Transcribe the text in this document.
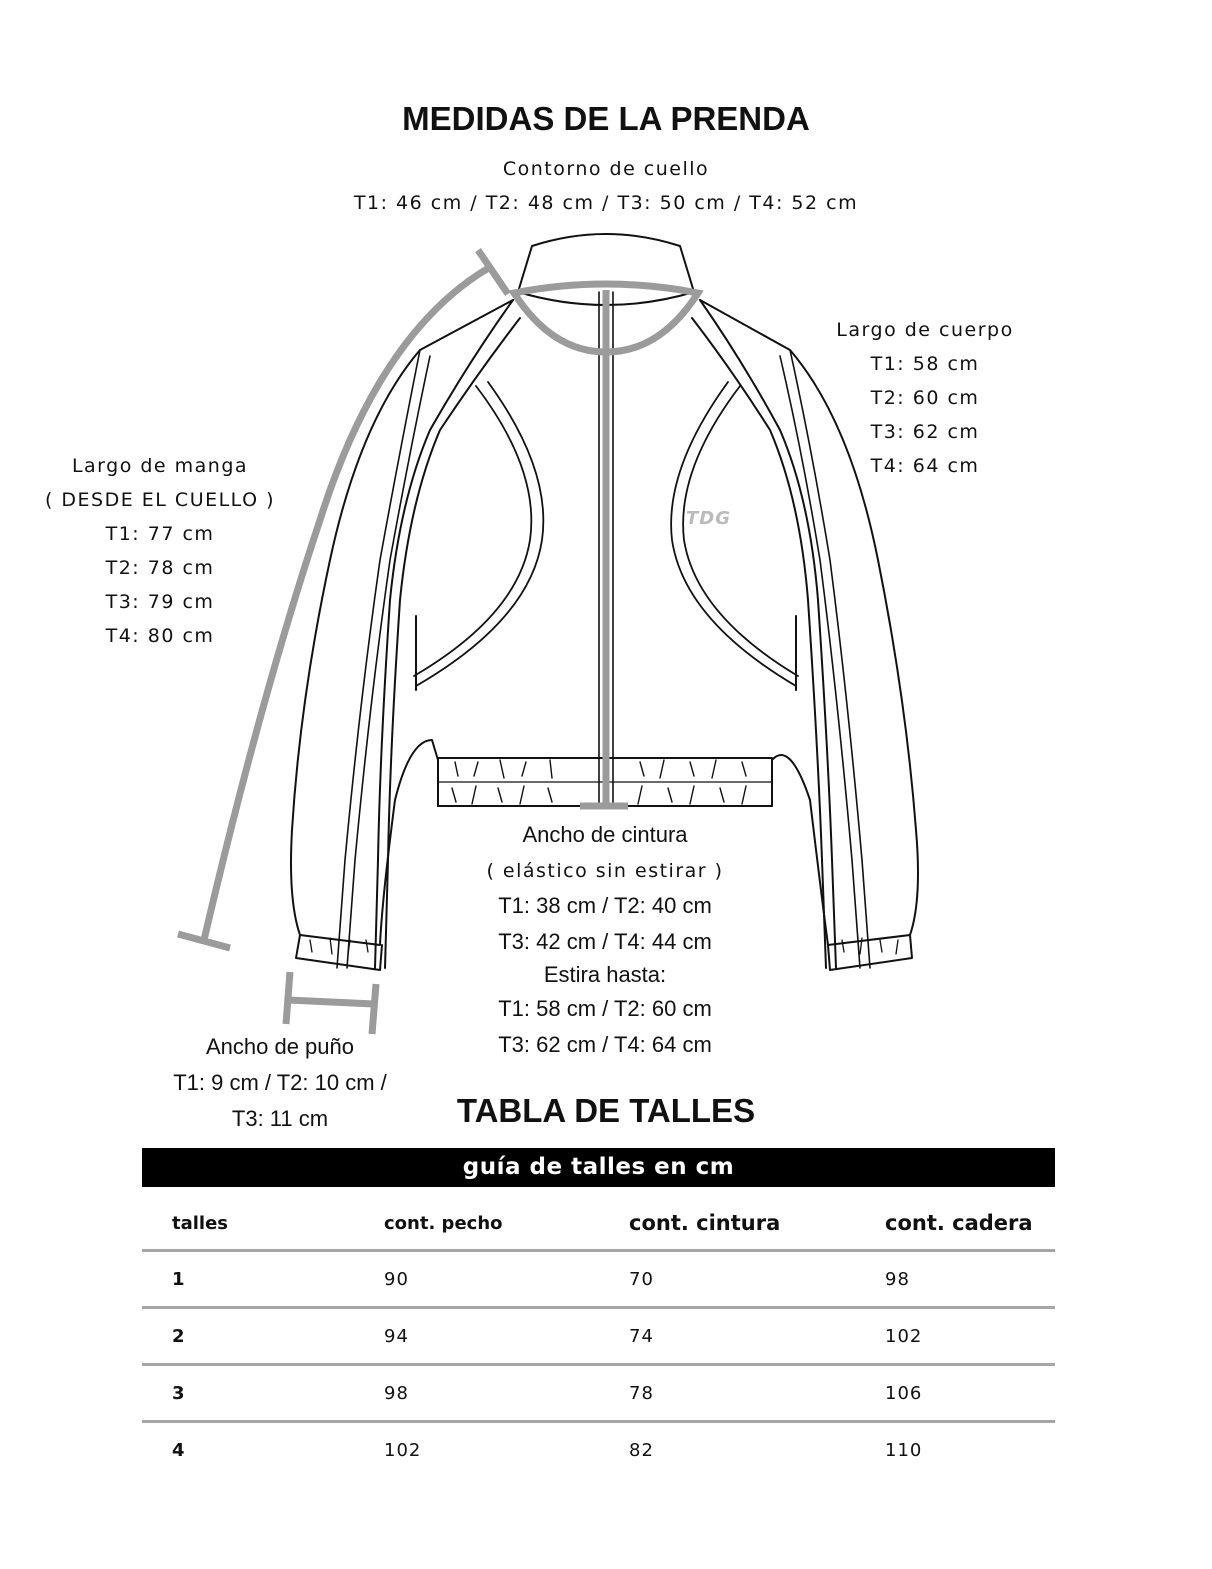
TDG
MEDIDAS DE LA PRENDA
Contorno de cuello
T1: 46 cm / T2: 48 cm / T3: 50 cm / T4: 52 cm
Largo de cuerpo
T1: 58 cm
T2: 60 cm
T3: 62 cm
T4: 64 cm
Largo de manga
( DESDE EL CUELLO )
T1: 77 cm
T2: 78 cm
T3: 79 cm
T4: 80 cm
Ancho de cintura
( elástico sin estirar )
T1: 38 cm / T2: 40 cm
T3: 42 cm / T4: 44 cm
Estira hasta:
T1: 58 cm / T2: 60 cm
T3: 62 cm / T4: 64 cm
Ancho de puño
T1: 9 cm / T2: 10 cm /
T3: 11 cm	TABLA DE TALLES
guía de talles en cm
talles	cont. pecho	cont. cintura	cont. cadera
1	90	70	98
2	94	74	102
3	98	78	106
4	102	82	110
